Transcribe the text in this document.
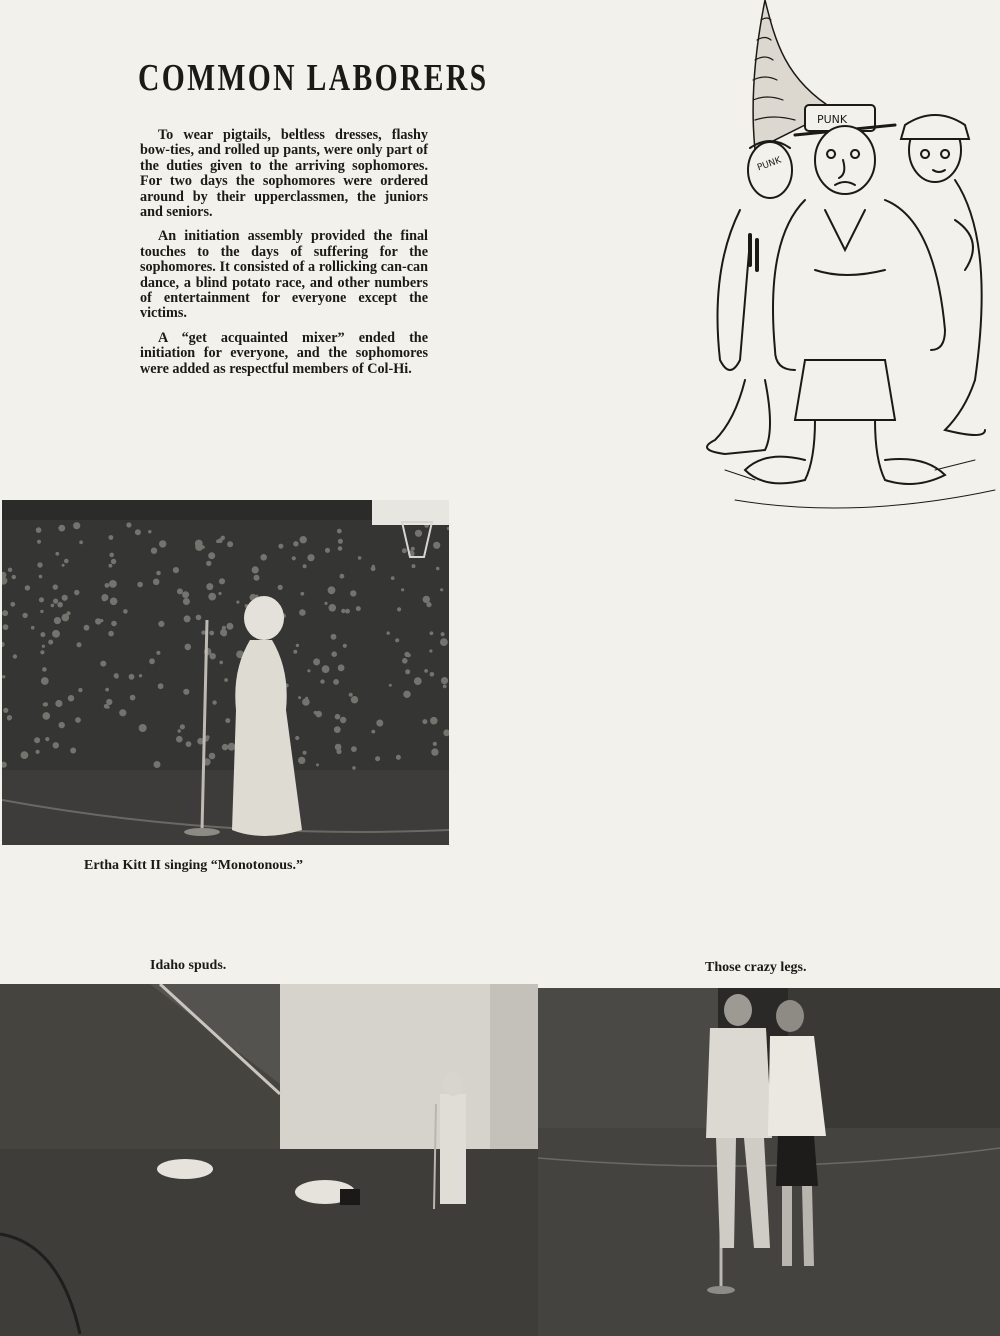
COMMON LABORERS

To wear pigtails, beltless dresses, flashy bow-ties, and rolled up pants, were only part of the duties given to the arriving sophomores. For two days the sophomores were ordered around by their upperclassmen, the juniors and seniors.

An initiation assembly provided the final touches to the days of suffering for the sophomores. It consisted of a rollicking can-can dance, a blind potato race, and other numbers of entertainment for everyone except the victims.

A “get acquainted mixer” ended the initiation for everyone, and the sophomores were added as respectful members of Col-Hi.

PUNK
PUNK
Ertha Kitt II singing “Monotonous.”
Idaho spuds.	Those crazy legs.
